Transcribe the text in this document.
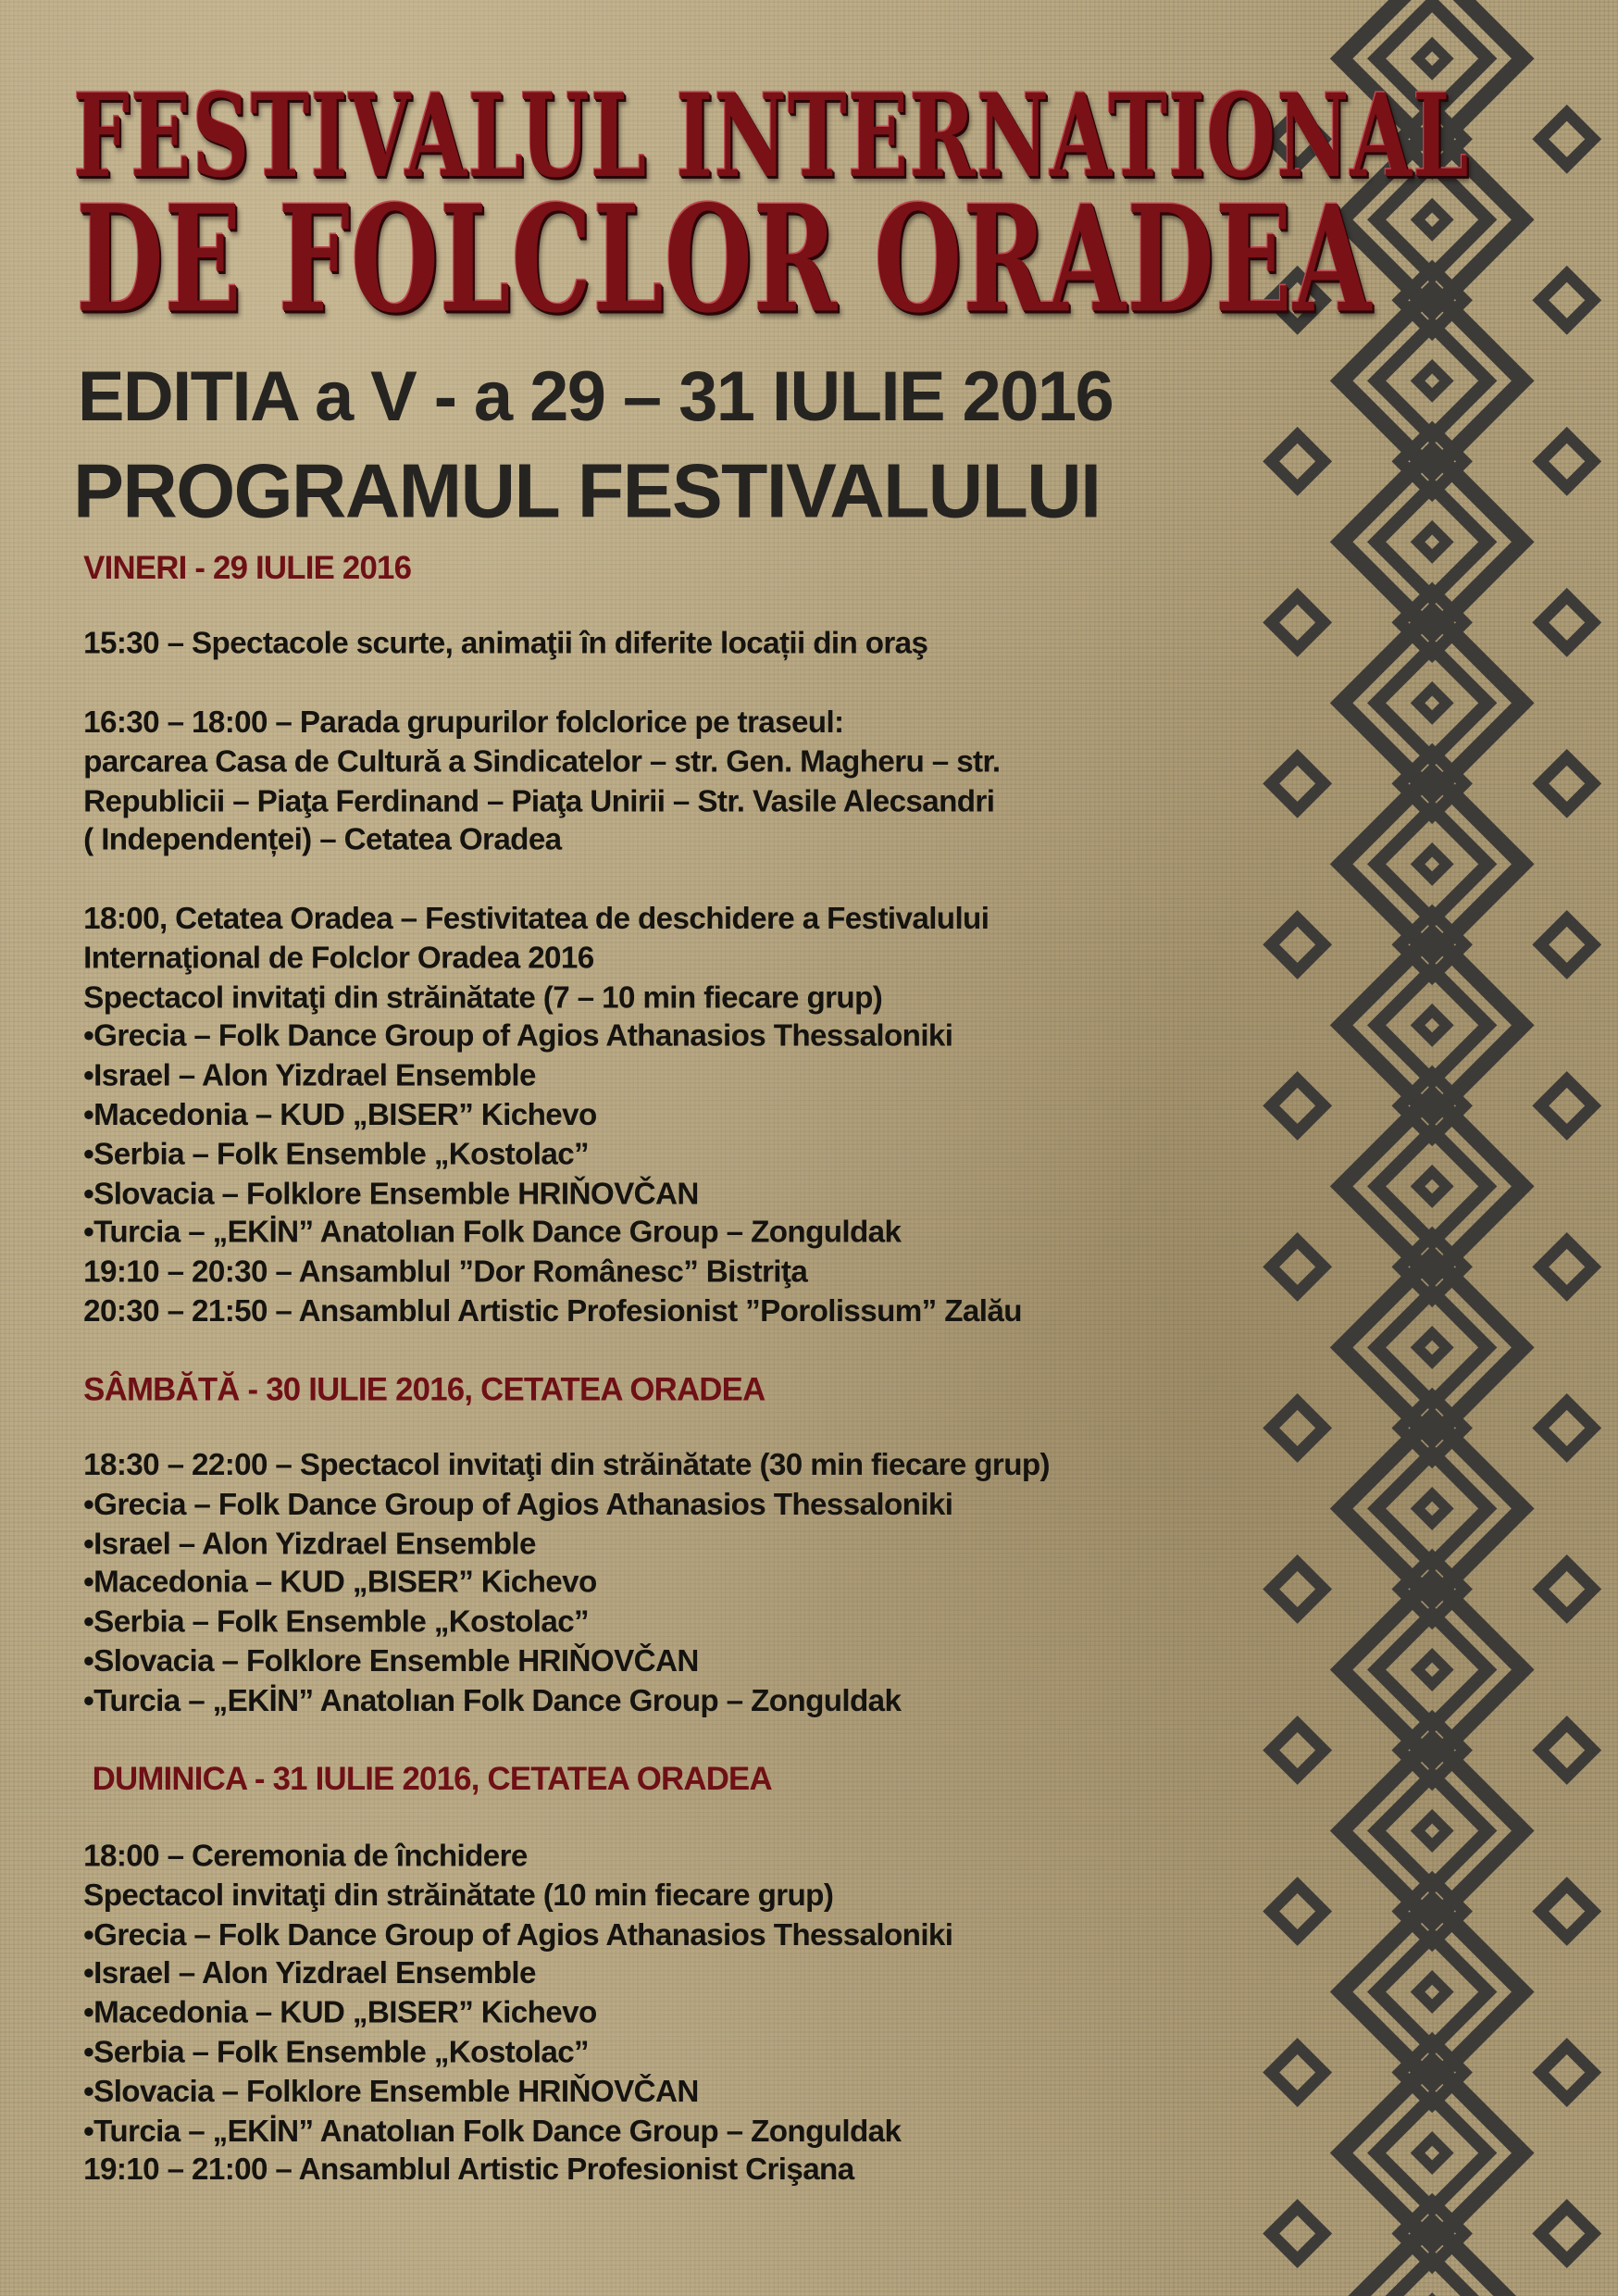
FESTIVALUL INTERNATIONAL
DE FOLCLOR ORADEA
EDITIA a V - a 29 – 31 IULIE 2016
PROGRAMUL FESTIVALULUI
VINERI - 29 IULIE 2016
15:30 – Spectacole scurte, animaţii în diferite locații din oraş
16:30 – 18:00 – Parada grupurilor folclorice pe traseul:
parcarea Casa de Cultură a Sindicatelor – str. Gen. Magheru – str.
Republicii – Piaţa Ferdinand – Piaţa Unirii – Str. Vasile Alecsandri
( Independenței) – Cetatea Oradea
18:00, Cetatea Oradea – Festivitatea de deschidere a Festivalului
Internaţional de Folclor Oradea 2016
Spectacol invitaţi din străinătate (7 – 10 min fiecare grup)
•Grecia – Folk Dance Group of Agios Athanasios Thessaloniki
•Israel – Alon Yizdrael Ensemble
•Macedonia – KUD „BISER” Kichevo
•Serbia – Folk Ensemble „Kostolac”
•Slovacia – Folklore Ensemble HRIŇOVČAN
•Turcia – „EKİN” Anatolıan Folk Dance Group – Zonguldak
19:10 – 20:30 – Ansamblul ”Dor Românesc” Bistriţa
20:30 – 21:50 – Ansamblul Artistic Profesionist ”Porolissum” Zalău
SÂMBĂTĂ - 30 IULIE 2016, CETATEA ORADEA
18:30 – 22:00 – Spectacol invitaţi din străinătate (30 min fiecare grup)
•Grecia – Folk Dance Group of Agios Athanasios Thessaloniki
•Israel – Alon Yizdrael Ensemble
•Macedonia – KUD „BISER” Kichevo
•Serbia – Folk Ensemble „Kostolac”
•Slovacia – Folklore Ensemble HRIŇOVČAN
•Turcia – „EKİN” Anatolıan Folk Dance Group – Zonguldak
DUMINICA - 31 IULIE 2016, CETATEA ORADEA
18:00 – Ceremonia de închidere
Spectacol invitaţi din străinătate (10 min fiecare grup)
•Grecia – Folk Dance Group of Agios Athanasios Thessaloniki
•Israel – Alon Yizdrael Ensemble
•Macedonia – KUD „BISER” Kichevo
•Serbia – Folk Ensemble „Kostolac”
•Slovacia – Folklore Ensemble HRIŇOVČAN
•Turcia – „EKİN” Anatolıan Folk Dance Group – Zonguldak
19:10 – 21:00 – Ansamblul Artistic Profesionist Crişana
